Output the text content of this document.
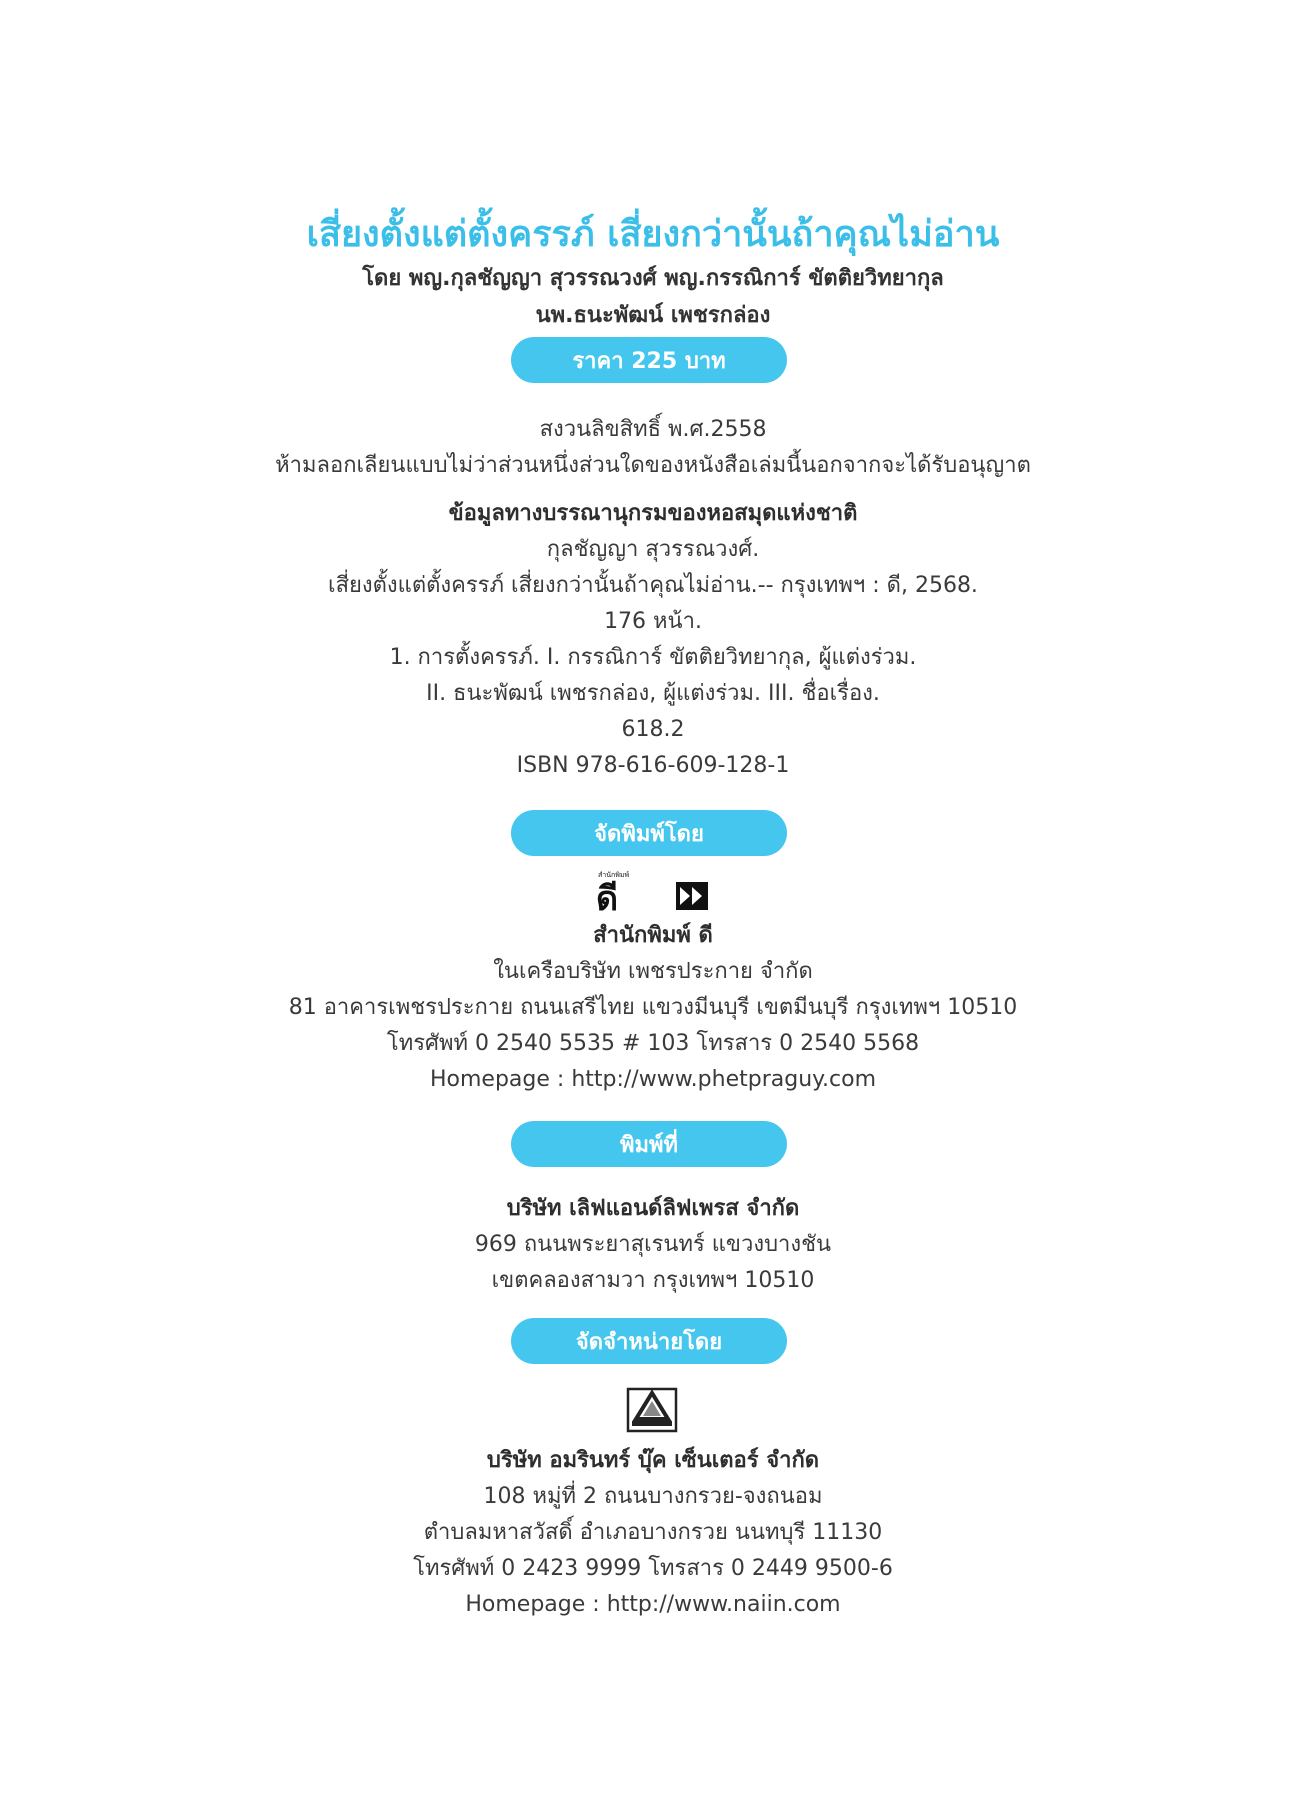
เสี่ยงตั้งแต่ตั้งครรภ์ เสี่ยงกว่านั้นถ้าคุณไม่อ่าน
โดย พญ.กุลชัญญา สุวรรณวงศ์ พญ.กรรณิการ์ ขัตติยวิทยากุล
นพ.ธนะพัฒน์ เพชรกล่อง
ราคา 225 บาท
สงวนลิขสิทธิ์ พ.ศ.2558
ห้ามลอกเลียนแบบไม่ว่าส่วนหนึ่งส่วนใดของหนังสือเล่มนี้นอกจากจะได้รับอนุญาต
ข้อมูลทางบรรณานุกรมของหอสมุดแห่งชาติ
กุลชัญญา สุวรรณวงศ์.
เสี่ยงตั้งแต่ตั้งครรภ์ เสี่ยงกว่านั้นถ้าคุณไม่อ่าน.-- กรุงเทพฯ : ดี, 2568.
176 หน้า.
1. การตั้งครรภ์. I. กรรณิการ์ ขัตติยวิทยากุล, ผู้แต่งร่วม.
II. ธนะพัฒน์ เพชรกล่อง, ผู้แต่งร่วม. III. ชื่อเรื่อง.
618.2
ISBN 978-616-609-128-1
จัดพิมพ์โดย
สำนักพิมพ์
ดี
สำนักพิมพ์ ดี
ในเครือบริษัท เพชรประกาย จำกัด
81 อาคารเพชรประกาย ถนนเสรีไทย แขวงมีนบุรี เขตมีนบุรี กรุงเทพฯ 10510
โทรศัพท์ 0 2540 5535 # 103 โทรสาร 0 2540 5568
Homepage : http://www.phetpraguy.com
พิมพ์ที่
บริษัท เลิฟแอนด์ลิฟเพรส จำกัด
969 ถนนพระยาสุเรนทร์ แขวงบางชัน
เขตคลองสามวา กรุงเทพฯ 10510
จัดจำหน่ายโดย
บริษัท อมรินทร์ บุ๊ค เซ็นเตอร์ จำกัด
108 หมู่ที่ 2 ถนนบางกรวย-จงถนอม
ตำบลมหาสวัสดิ์ อำเภอบางกรวย นนทบุรี 11130
โทรศัพท์ 0 2423 9999 โทรสาร 0 2449 9500-6
Homepage : http://www.naiin.com
